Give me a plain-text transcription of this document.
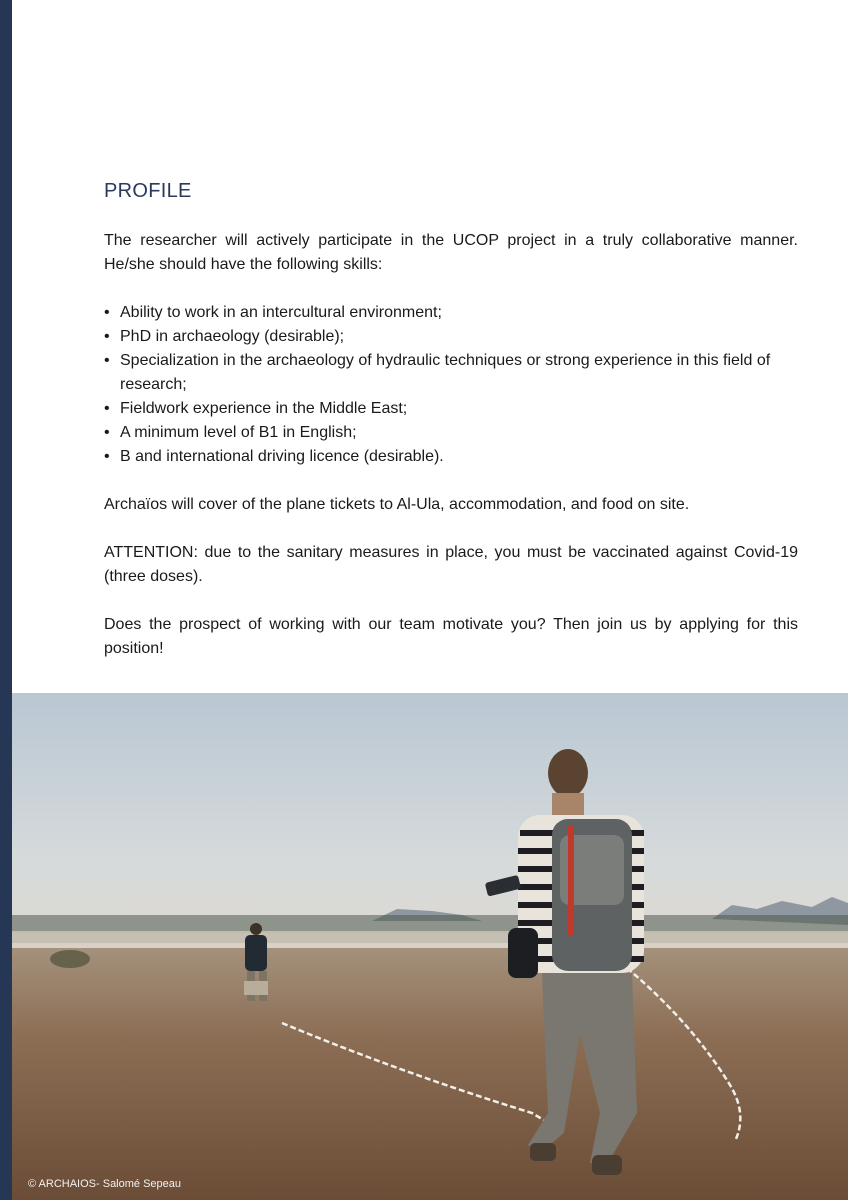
PROFILE

The researcher will actively participate in the UCOP project in a truly collaborative manner. He/she should have the following skills:

• Ability to work in an intercultural environment;
• PhD in archaeology (desirable);
• Specialization in the archaeology of hydraulic techniques or strong experience in this field of research;
• Fieldwork experience in the Middle East;
• A minimum level of B1 in English;
• B and international driving licence (desirable).

Archaïos will cover of the plane tickets to Al-Ula, accommodation, and food on site.

ATTENTION: due to the sanitary measures in place, you must be vaccinated against Covid-19 (three doses).

Does the prospect of working with our team motivate you? Then join us by applying for this position!

© ARCHAIOS- Salomé Sepeau
